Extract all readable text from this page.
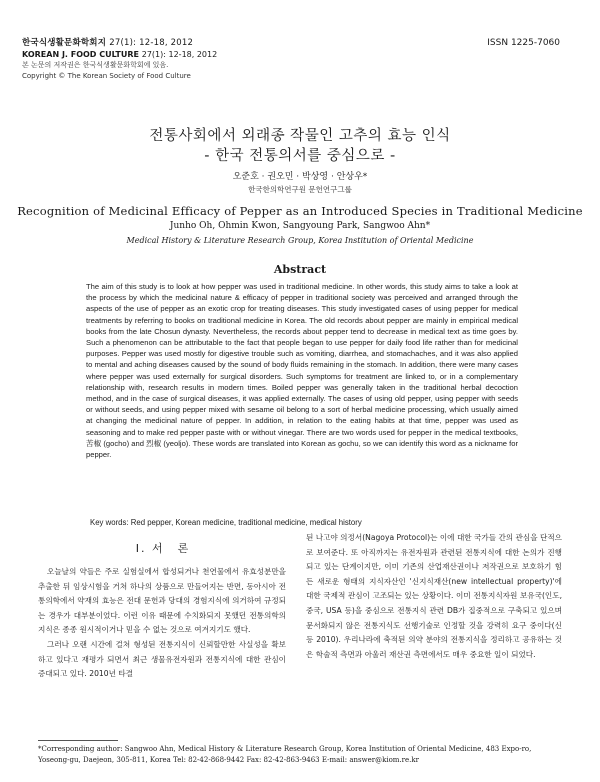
한국식생활문화학회지 27(1): 12-18, 2012
KOREAN J. FOOD CULTURE 27(1): 12-18, 2012
본 논문의 저작권은 한국식생활문화학회에 있음.
Copyright © The Korean Society of Food Culture
ISSN 1225-7060
전통사회에서 외래종 작물인 고추의 효능 인식
- 한국 전통의서를 중심으로 -
오준호 · 권오민 · 박상영 · 안상우*
한국한의학연구원 문헌연구그룹
Recognition of Medicinal Efficacy of Pepper as an Introduced Species in Traditional Medicine
Junho Oh, Ohmin Kwon, Sangyoung Park, Sangwoo Ahn*
Medical History & Literature Research Group, Korea Institution of Oriental Medicine
Abstract
The aim of this study is to look at how pepper was used in traditional medicine. In other words, this study aims to take a look at the process by which the medicinal nature & efficacy of pepper in traditional society was perceived and arranged through the aspects of the use of pepper as an exotic crop for treating diseases. This study investigated cases of using pepper for medical treatments by referring to books on traditional medicine in Korea. The old records about pepper are mainly in empirical medical books from the late Chosun dynasty. Nevertheless, the records about pepper tend to decrease in medical text as time goes by. Such a phenomenon can be attributable to the fact that people began to use pepper for daily food life rather than for medicinal purposes. Pepper was used mostly for digestive trouble such as vomiting, diarrhea, and stomachaches, and it was also applied to mental and aching diseases caused by the sound of body fluids remaining in the stomach. In addition, there were many cases where pepper was used externally for surgical disorders. Such symptoms for treatment are linked to, or in a complementary relationship with, research results in modern times. Boiled pepper was generally taken in the traditional herbal decoction method, and in the case of surgical diseases, it was applied externally. The cases of using old pepper, using pepper with seeds or without seeds, and using pepper mixed with sesame oil belong to a sort of herbal medicine processing, which usually aimed at changing the medicinal nature of pepper. In addition, in relation to the eating habits at that time, pepper was used as seasoning and to make red pepper paste with or without vinegar. There are two words used for pepper in the medical textbooks, 苦椒 (gocho) and 烈椒 (yeoljo). These words are translated into Korean as gochu, so we can identify this word as a nickname for pepper.
Key words: Red pepper, Korean medicine, traditional medicine, medical history
I. 서　론

오늘날의 약들은 주로 실험실에서 합성되거나 천연물에서 유효성분만을 추출한 뒤 임상시험을 거쳐 하나의 상품으로 만들어지는 반면, 동아시아 전통의학에서 약재의 효능은 전대 문헌과 당대의 경험지식에 의거하여 규정되는 경우가 대부분이었다. 이런 이유 때문에 수치화되지 못했던 전통의학의 지식은 종종 원시적이거나 믿을 수 없는 것으로 여겨지기도 했다.

그러나 오랜 시간에 걸쳐 형성된 전통지식이 신뢰할만한 사실성을 확보하고 있다고 재평가 되면서 최근 생물유전자원과 전통지식에 대한 관심이 증대되고 있다. 2010년 타결

된 나고야 의정서(Nagoya Protocol)는 이에 대한 국가들 간의 관심을 단적으로 보여준다. 또 아직까지는 유전자원과 관련된 전통지식에 대한 논의가 진행되고 있는 단계이지만, 이미 기존의 산업재산권이나 저작권으로 보호하기 힘든 새로운 형태의 지식자산인 '신지식재산(new intellectual property)'에 대한 국제적 관심이 고조되는 있는 상황이다. 이미 전통지식자원 보유국(인도, 중국, USA 등)을 중심으로 전통지식 관련 DB가 집중적으로 구축되고 있으며 문서화되지 않은 전통지식도 선행기술로 인정할 것을 강력히 요구 중이다(신 등 2010). 우리나라에 축적된 의약 분야의 전통지식을 정리하고 공유하는 것은 학술적 측면과 아울러 재산권 측면에서도 매우 중요한 일이 되었다.

*Corresponding author: Sangwoo Ahn, Medical History & Literature Research Group, Korea Institution of Oriental Medicine, 483 Expo-ro, Yoseong-gu, Daejeon, 305-811, Korea Tel: 82-42-868-9442 Fax: 82-42-863-9463 E-mail: answer@kiom.re.kr
